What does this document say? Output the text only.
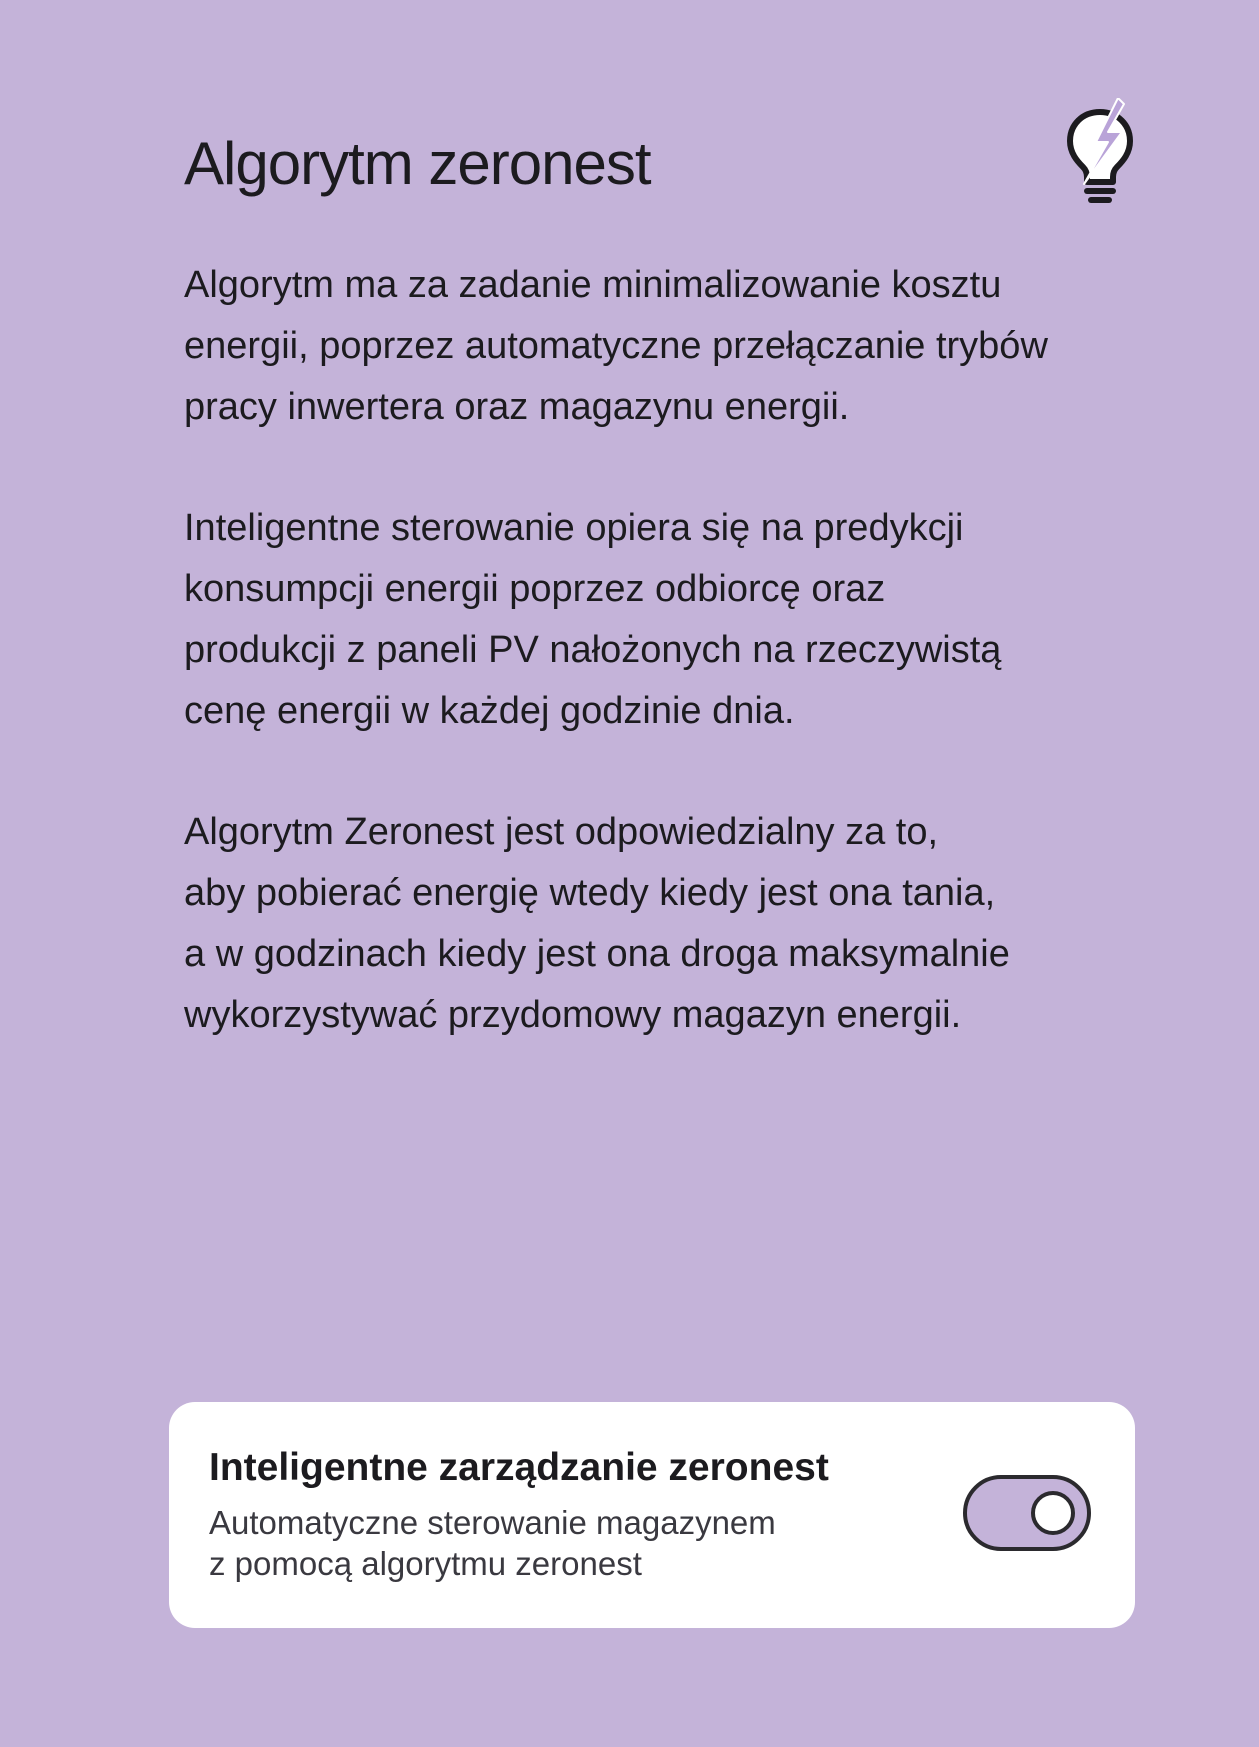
Algorytm zeronest

Algorytm ma za zadanie minimalizowanie kosztu
energii, poprzez automatyczne przełączanie trybów
pracy inwertera oraz magazynu energii.

Inteligentne sterowanie opiera się na predykcji
konsumpcji energii poprzez odbiorcę oraz
produkcji z paneli PV nałożonych na rzeczywistą
cenę energii w każdej godzinie dnia.

Algorytm Zeronest jest odpowiedzialny za to,
aby pobierać energię wtedy kiedy jest ona tania,
a w godzinach kiedy jest ona droga maksymalnie
wykorzystywać przydomowy magazyn energii.

Inteligentne zarządzanie zeronest

Automatyczne sterowanie magazynem
z pomocą algorytmu zeronest
